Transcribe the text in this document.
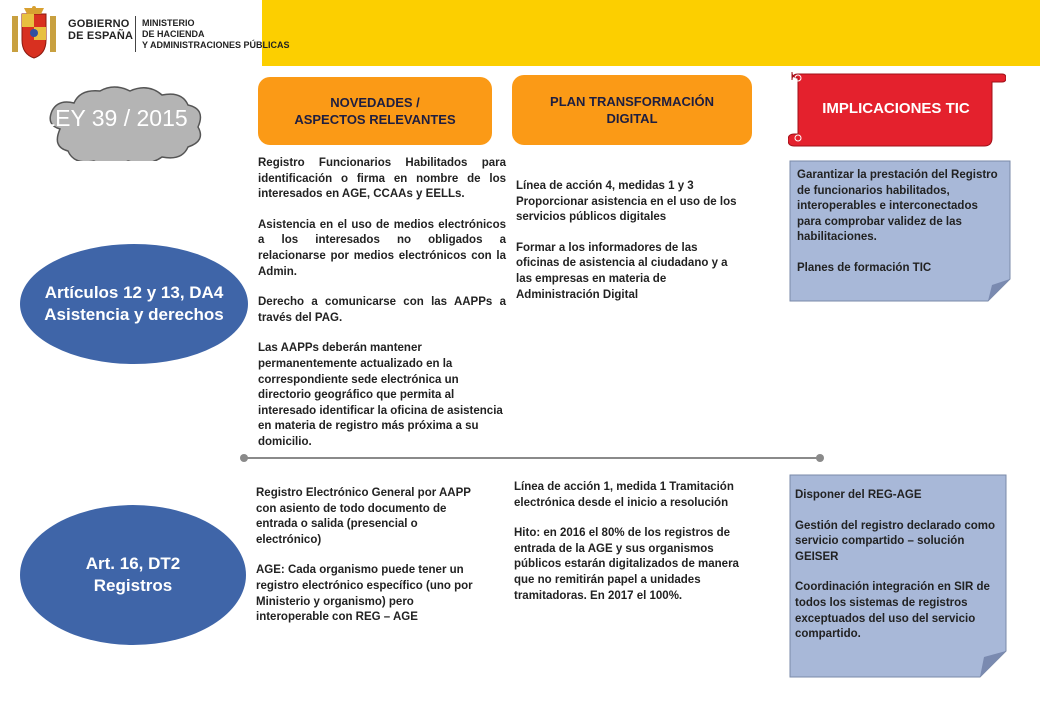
GOBIERNO
DE ESPAÑA
MINISTERIO
DE HACIENDA
Y ADMINISTRACIONES PÚBLICAS
LEY 39 / 2015
NOVEDADES /
ASPECTOS RELEVANTES
PLAN TRANSFORMACIÓN
DIGITAL
IMPLICACIONES TIC
Artículos 12 y 13, DA4
Asistencia y derechos

Registro Funcionarios Habilitados para identificación o firma en nombre de los interesados en AGE, CCAAs y EELLs.

Asistencia en el uso de medios electrónicos a los interesados no obligados a relacionarse por medios electrónicos con la Admin.

Derecho a comunicarse con las AAPPs a través del PAG.

Las AAPPs deberán mantener permanentemente actualizado en la correspondiente sede electrónica un directorio geográfico que permita al interesado identificar la oficina de asistencia en materia de registro más próxima a su domicilio.

Línea de acción 4, medidas 1 y 3 Proporcionar asistencia en el uso de los servicios públicos digitales

Formar a los informadores de las oficinas de asistencia al ciudadano y a las empresas en materia de Administración Digital

Garantizar la prestación del Registro de funcionarios habilitados, interoperables e interconectados para comprobar validez de las habilitaciones.

Planes de formación TIC

Art. 16, DT2
Registros

Registro Electrónico General por AAPP con asiento de todo documento de entrada o salida (presencial o electrónico)

AGE: Cada organismo puede tener un registro electrónico específico (uno por Ministerio y organismo) pero interoperable con REG – AGE

Línea de acción 1, medida 1 Tramitación electrónica desde el inicio a resolución

Hito: en 2016 el 80% de los registros de entrada de la AGE y sus organismos públicos estarán digitalizados de manera que no remitirán papel a unidades tramitadoras. En 2017 el 100%.

Disponer del REG-AGE

Gestión del registro declarado como servicio compartido – solución GEISER

Coordinación integración en SIR de todos los sistemas de registros exceptuados del uso del servicio compartido.
